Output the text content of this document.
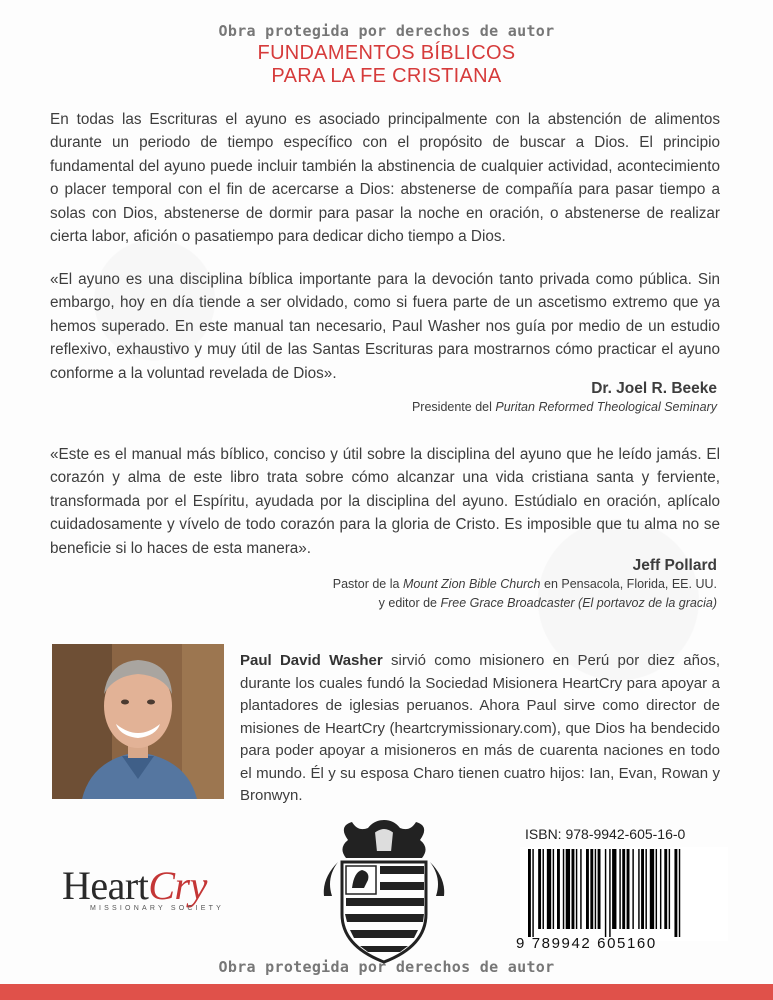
Obra protegida por derechos de autor
FUNDAMENTOS BÍBLICOS
PARA LA FE CRISTIANA

En todas las Escrituras el ayuno es asociado principalmente con la abstención de alimentos durante un periodo de tiempo específico con el propósito de buscar a Dios. El principio fundamental del ayuno puede incluir también la abstinencia de cualquier actividad, acontecimiento o placer temporal con el fin de acercarse a Dios: abstenerse de compañía para pasar tiempo a solas con Dios, abstenerse de dormir para pasar la noche en oración, o abstenerse de realizar cierta labor, afición o pasatiempo para dedicar dicho tiempo a Dios.

«El ayuno es una disciplina bíblica importante para la devoción tanto privada como pública. Sin embargo, hoy en día tiende a ser olvidado, como si fuera parte de un ascetismo extremo que ya hemos superado. En este manual tan necesario, Paul Washer nos guía por medio de un estudio reflexivo, exhaustivo y muy útil de las Santas Escrituras para mostrarnos cómo practicar el ayuno conforme a la voluntad revelada de Dios».

Dr. Joel R. Beeke
Presidente del Puritan Reformed Theological Seminary

«Este es el manual más bíblico, conciso y útil sobre la disciplina del ayuno que he leído jamás. El corazón y alma de este libro trata sobre cómo alcanzar una vida cristiana santa y ferviente, transformada por el Espíritu, ayudada por la disciplina del ayuno. Estúdialo en oración, aplícalo cuidadosamente y vívelo de todo corazón para la gloria de Cristo. Es imposible que tu alma no se beneficie si lo haces de esta manera».

Jeff Pollard
Pastor de la Mount Zion Bible Church en Pensacola, Florida, EE. UU.
y editor de Free Grace Broadcaster (El portavoz de la gracia)

Paul David Washer sirvió como misionero en Perú por diez años, durante los cuales fundó la Sociedad Misionera HeartCry para apoyar a plantadores de iglesias peruanos. Ahora Paul sirve como director de misiones de HeartCry (heartcrymissionary.com), que Dios ha bendecido para poder apoyar a misioneros en más de cuarenta naciones en todo el mundo. Él y su esposa Charo tienen cuatro hijos: Ian, Evan, Rowan y Bronwyn.

HeartCry
MISSIONARY SOCIETY
ISBN: 978-9942-605-16-0
9 789942 605160
Obra protegida por derechos de autor
